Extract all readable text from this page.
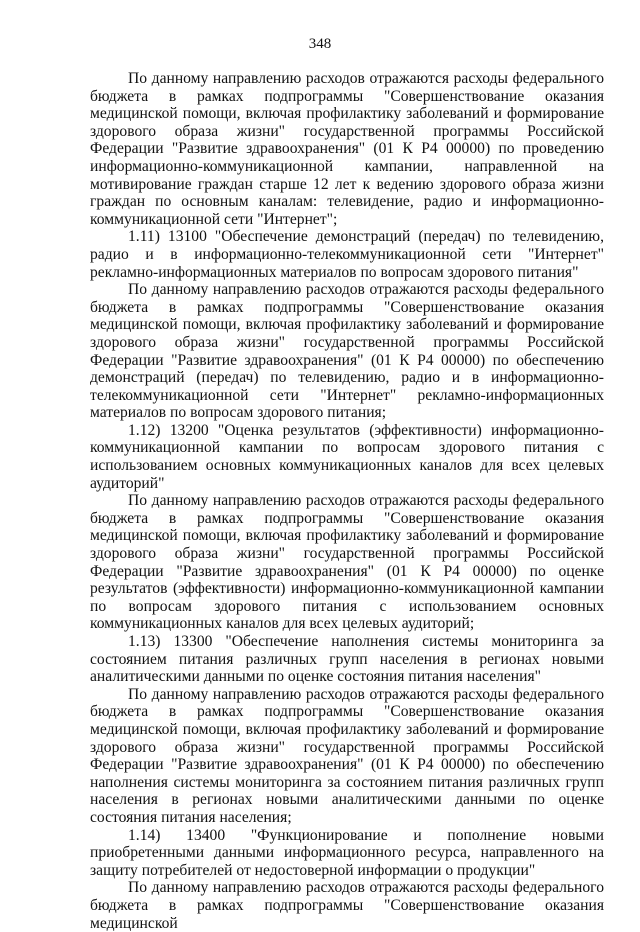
348

По данному направлению расходов отражаются расходы федерального бюджета в рамках подпрограммы "Совершенствование оказания медицинской помощи, включая профилактику заболеваний и формирование здорового образа жизни" государственной программы Российской Федерации "Развитие здравоохранения" (01 К Р4 00000) по проведению информационно-коммуникационной кампании, направленной на мотивирование граждан старше 12 лет к ведению здорового образа жизни граждан по основным каналам: телевидение, радио и информационно-коммуникационной сети "Интернет";

1.11) 13100 "Обеспечение демонстраций (передач) по телевидению, радио и в информационно-телекоммуникационной сети "Интернет" рекламно-информационных материалов по вопросам здорового питания"

По данному направлению расходов отражаются расходы федерального бюджета в рамках подпрограммы "Совершенствование оказания медицинской помощи, включая профилактику заболеваний и формирование здорового образа жизни" государственной программы Российской Федерации "Развитие здравоохранения" (01 К Р4 00000) по обеспечению демонстраций (передач) по телевидению, радио и в информационно-телекоммуникационной сети "Интернет" рекламно-информационных материалов по вопросам здорового питания;

1.12) 13200 "Оценка результатов (эффективности) информационно-коммуникационной кампании по вопросам здорового питания с использованием основных коммуникационных каналов для всех целевых аудиторий"

По данному направлению расходов отражаются расходы федерального бюджета в рамках подпрограммы "Совершенствование оказания медицинской помощи, включая профилактику заболеваний и формирование здорового образа жизни" государственной программы Российской Федерации "Развитие здравоохранения" (01 К Р4 00000) по оценке результатов (эффективности) информационно-коммуникационной кампании по вопросам здорового питания с использованием основных коммуникационных каналов для всех целевых аудиторий;

1.13) 13300 "Обеспечение наполнения системы мониторинга за состоянием питания различных групп населения в регионах новыми аналитическими данными по оценке состояния питания населения"

По данному направлению расходов отражаются расходы федерального бюджета в рамках подпрограммы "Совершенствование оказания медицинской помощи, включая профилактику заболеваний и формирование здорового образа жизни" государственной программы Российской Федерации "Развитие здравоохранения" (01 К Р4 00000) по обеспечению наполнения системы мониторинга за состоянием питания различных групп населения в регионах новыми аналитическими данными по оценке состояния питания населения;

1.14) 13400 "Функционирование и пополнение новыми приобретенными данными информационного ресурса, направленного на защиту потребителей от недостоверной информации о продукции"

По данному направлению расходов отражаются расходы федерального бюджета в рамках подпрограммы "Совершенствование оказания медицинской
